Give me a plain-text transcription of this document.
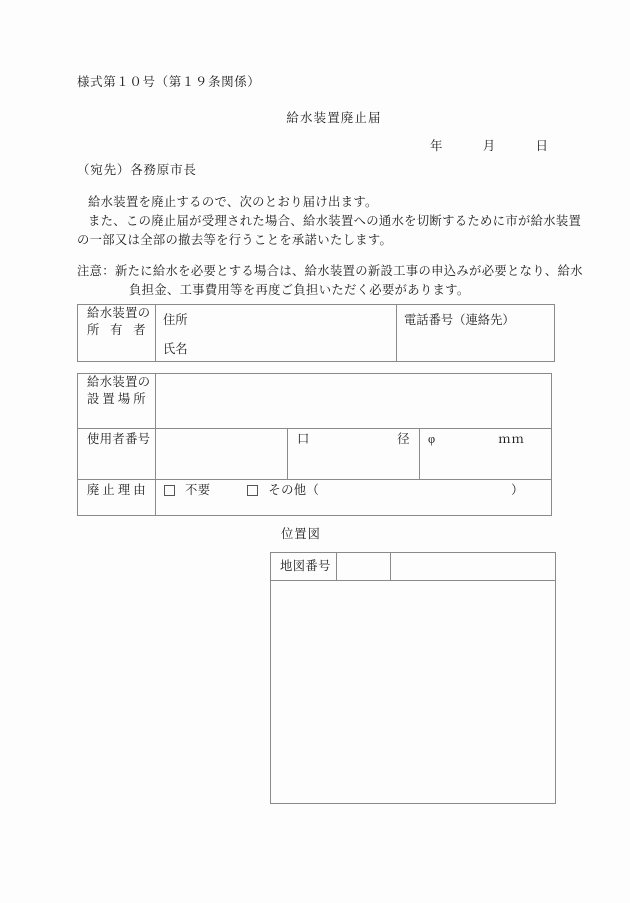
様式第１０号（第１９条関係）
給水装置廃止届
年	月	日
（宛先）各務原市長
給水装置を廃止するので、次のとおり届け出ます。
また、この廃止届が受理された場合、給水装置への通水を切断するために市が給水装置
の一部又は全部の撤去等を行うことを承諾いたします。
注意：新たに給水を必要とする場合は、給水装置の新設工事の申込みが必要となり、給水
負担金、工事費用等を再度ご負担いただく必要があります。
給水装置の
所有者

住所	電話番号（連絡先）

氏名
給水装置の
設置場所			

使用者番号		口径	φ ｍｍ

廃止理由	不要 その他（ ）		
位置図
地図番号
